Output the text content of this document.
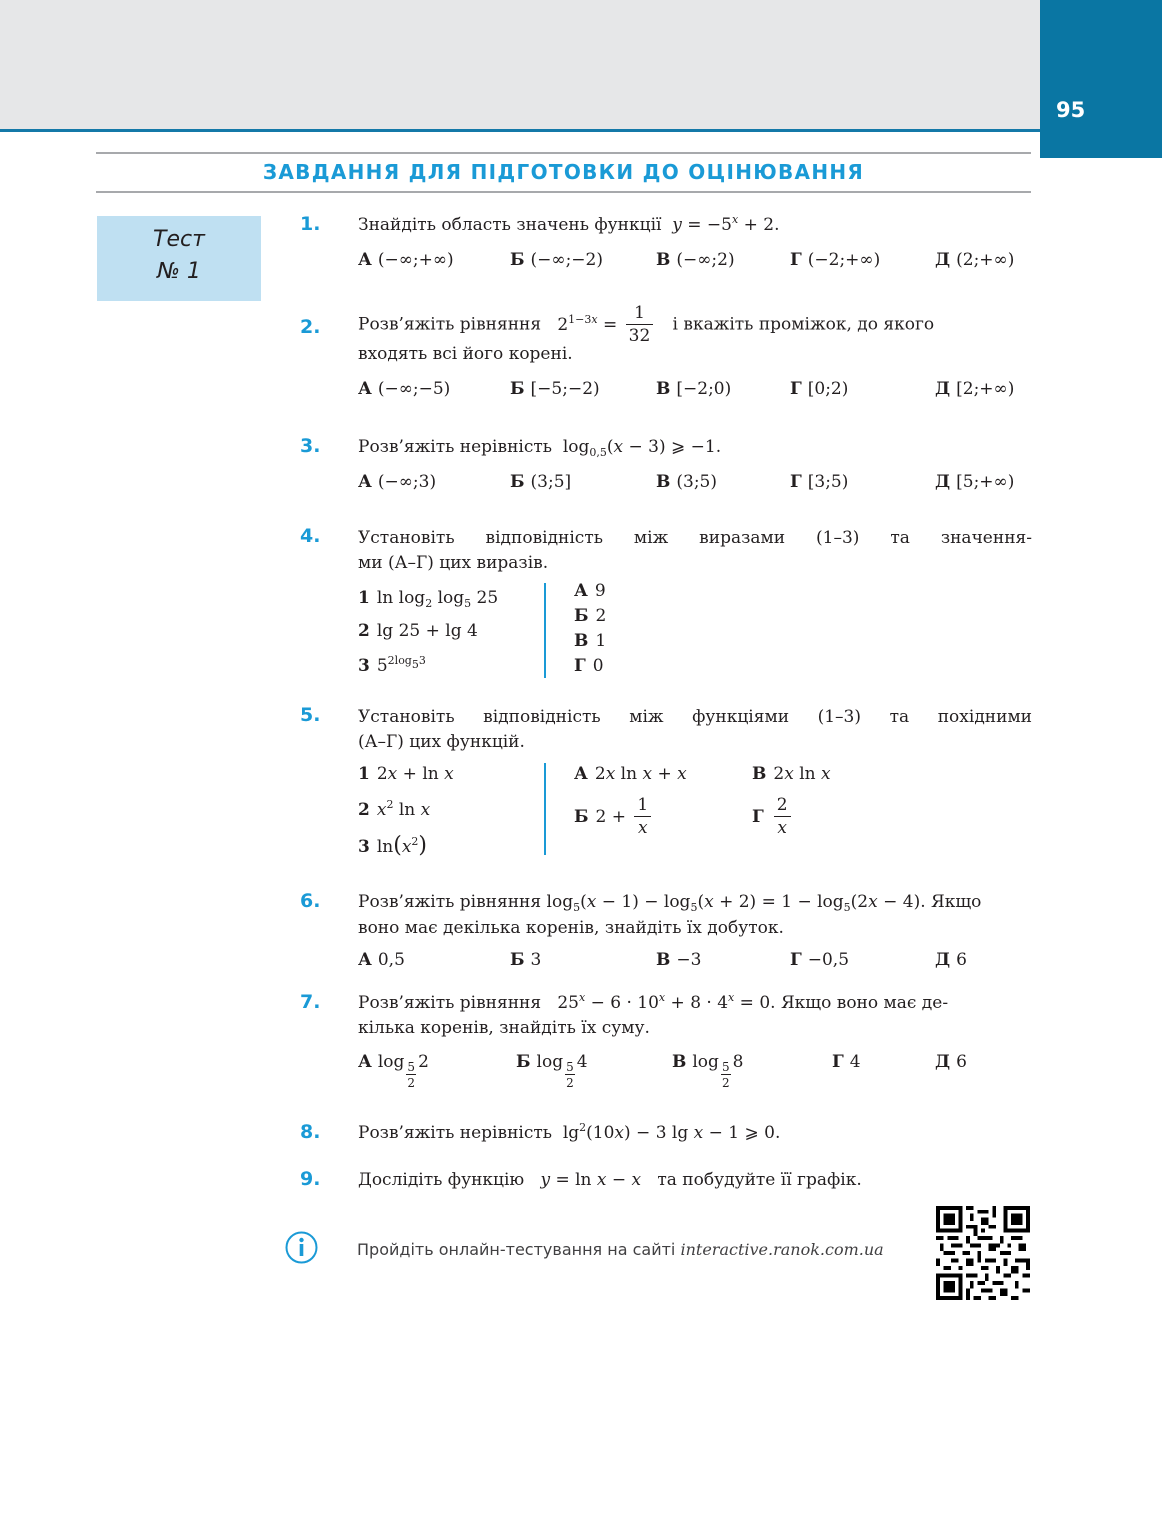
95
ЗАВДАННЯ ДЛЯ ПІДГОТОВКИ ДО ОЦІНЮВАННЯ
Тест
№ 1
1. Знайдіть область значень функції $y = -5^x + 2$.
А (−∞;+∞)	Б (−∞;−2)	В (−∞;2)	Г (−2;+∞)	Д (2;+∞)
2. Розв’яжіть рівняння $2^{1-3x} = \frac{1}{32}$ і вкажіть проміжок, до якого
входять всі його корені.
А (−∞;−5)	Б [−5;−2)	В [−2;0)	Г [0;2)	Д [2;+∞)
3. Розв’яжіть нерівність $\log_{0,5}(x - 3)$ ⩾ −1.
А (−∞;3)	Б (3;5]	В (3;5)	Г [3;5)	Д [5;+∞)
4. Установіть відповідність між виразами (1–3) та значення-
ми (А–Г) цих виразів.
1 $\ln \log_2 \log_5 25$
2 lg 25 + lg 4
3 $5^{2log_53}$
А 9
Б 2
В 1
Г 0
5. Установіть відповідність між функціями (1–3) та похідними
(А–Г) цих функцій.
1 2x + ln x
2 $x^2$ ln x
3 $\ln(x^2)$
А 2x ln x + x	В 2x ln x
Б $2 + \frac{1}{x}$	Г $\frac{2}{x}$
6. Розв’яжіть рівняння $\log_5(x - 1) - \log_5(x + 2) = 1 - \log_5(2x - 4)$. Якщо
воно має декілька коренів, знайдіть їх добуток.
А 0,5	Б 3	В −3	Г −0,5	Д 6
7. Розв’яжіть рівняння $25^x - 6 \cdot 10^x + 8 \cdot 4^x = 0$. Якщо воно має де-
кілька коренів, знайдіть їх суму.
А $\log \frac{5}{2} 2$	Б $\log \frac{5}{2} 4$	В $\log \frac{5}{2} 8$	Г 4	Д 6
8. Розв’яжіть нерівність $\lg^2(10x) - 3$ lg x − 1 ⩾ 0.
9. Дослідіть функцію y = ln x − x та побудуйте її графік.
Пройдіть онлайн-тестування на сайті interactive.ranok.com.ua
